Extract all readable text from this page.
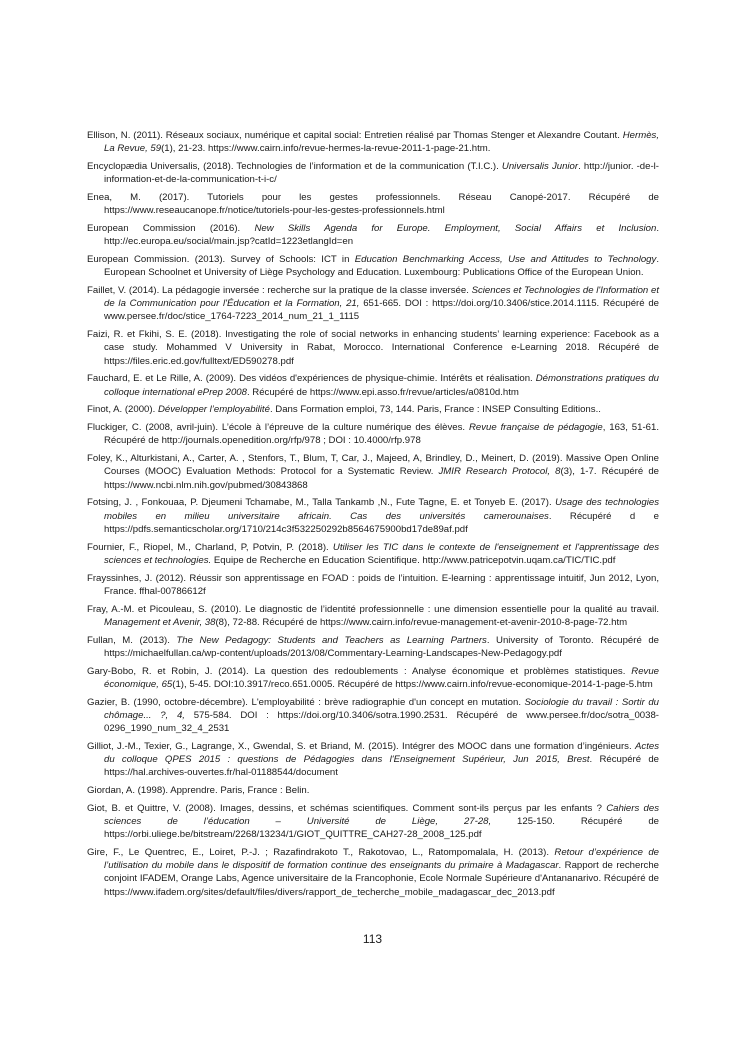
Ellison, N. (2011). Réseaux sociaux, numérique et capital social: Entretien réalisé par Thomas Stenger et Alexandre Coutant. Hermès, La Revue, 59(1), 21-23. https://www.cairn.info/revue-hermes-la-revue-2011-1-page-21.htm.

Encyclopædia Universalis, (2018). Technologies de l’information et de la communication (T.I.C.). Universalis Junior. http://junior. -de-l-information-et-de-la-communication-t-i-c/

Enea, M. (2017). Tutoriels pour les gestes professionnels. Réseau Canopé-2017. Récupéré de https://www.reseaucanope.fr/notice/tutoriels-pour-les-gestes-professionnels.html

European Commission (2016). New Skills Agenda for Europe. Employment, Social Affairs et Inclusion. http://ec.europa.eu/social/main.jsp?catId=1223etlangId=en

European Commission. (2013). Survey of Schools: ICT in Education Benchmarking Access, Use and Attitudes to Technology. European Schoolnet et University of Liège Psychology and Education. Luxembourg: Publications Office of the European Union.

Faillet, V. (2014). La pédagogie inversée : recherche sur la pratique de la classe inversée. Sciences et Technologies de l'Information et de la Communication pour l'Éducation et la Formation, 21, 651-665. DOI : https://doi.org/10.3406/stice.2014.1115. Récupéré de www.persee.fr/doc/stice_1764-7223_2014_num_21_1_1115

Faizi, R. et Fkihi, S. E. (2018). Investigating the role of social networks in enhancing students’ learning experience: Facebook as a case study. Mohammed V University in Rabat, Morocco. International Conference e-Learning 2018. Récupéré de https://files.eric.ed.gov/fulltext/ED590278.pdf

Fauchard, E. et Le Rille, A. (2009). Des vidéos d'expériences de physique-chimie. Intérêts et réalisation. Démonstrations pratiques du colloque international ePrep 2008. Récupéré de https://www.epi.asso.fr/revue/articles/a0810d.htm

Finot, A. (2000). Développer l’employabilité. Dans Formation emploi, 73, 144. Paris, France : INSEP Consulting Editions..

Fluckiger, C. (2008, avril-juin). L’école à l’épreuve de la culture numérique des élèves. Revue française de pédagogie, 163, 51-61. Récupéré de http://journals.openedition.org/rfp/978 ; DOI : 10.4000/rfp.978

Foley, K., Alturkistani, A., Carter, A. , Stenfors, T., Blum, T, Car, J., Majeed, A, Brindley, D., Meinert, D. (2019). Massive Open Online Courses (MOOC) Evaluation Methods: Protocol for a Systematic Review. JMIR Research Protocol, 8(3), 1-7. Récupéré de https://www.ncbi.nlm.nih.gov/pubmed/30843868

Fotsing, J. , Fonkouaa, P. Djeumeni Tchamabe, M., Talla Tankamb ,N., Fute Tagne, E. et Tonyeb E. (2017). Usage des technologies mobiles en milieu universitaire africain. Cas des universités camerounaises. Récupéré d e https://pdfs.semanticscholar.org/1710/214c3f532250292b8564675900bd17de89af.pdf

Fournier, F., Riopel, M., Charland, P, Potvin, P. (2018). Utiliser les TIC dans le contexte de l'enseignement et l'apprentissage des sciences et technologies. Equipe de Recherche en Education Scientifique. http://www.patricepotvin.uqam.ca/TIC/TIC.pdf

Frayssinhes, J. (2012). Réussir son apprentissage en FOAD : poids de l’intuition. E-learning : apprentissage intuitif, Jun 2012, Lyon, France. ffhal-00786612f

Fray, A.-M. et Picouleau, S. (2010). Le diagnostic de l’identité professionnelle : une dimension essentielle pour la qualité au travail. Management et Avenir, 38(8), 72-88. Récupéré de https://www.cairn.info/revue-management-et-avenir-2010-8-page-72.htm

Fullan, M. (2013). The New Pedagogy: Students and Teachers as Learning Partners. University of Toronto. Récupéré de https://michaelfullan.ca/wp-content/uploads/2013/08/Commentary-Learning-Landscapes-New-Pedagogy.pdf

Gary-Bobo, R. et Robin, J. (2014). La question des redoublements : Analyse économique et problèmes statistiques. Revue économique, 65(1), 5-45. DOI:10.3917/reco.651.0005. Récupéré de https://www.cairn.info/revue-economique-2014-1-page-5.htm

Gazier, B. (1990, octobre-décembre). L'employabilité : brève radiographie d'un concept en mutation. Sociologie du travail : Sortir du chômage... ?, 4, 575-584. DOI : https://doi.org/10.3406/sotra.1990.2531. Récupéré de www.persee.fr/doc/sotra_0038-0296_1990_num_32_4_2531

Gilliot, J.-M., Texier, G., Lagrange, X., Gwendal, S. et Briand, M. (2015). Intégrer des MOOC dans une formation d’ingénieurs. Actes du colloque QPES 2015 : questions de Pédagogies dans l'Enseignement Supérieur, Jun 2015, Brest. Récupéré de https://hal.archives-ouvertes.fr/hal-01188544/document

Giordan, A. (1998). Apprendre. Paris, France : Belin.

Giot, B. et Quittre, V. (2008). Images, dessins, et schémas scientifiques. Comment sont-ils perçus par les enfants ? Cahiers des sciences de l’éducation – Université de Liège, 27-28, 125-150. Récupéré de https://orbi.uliege.be/bitstream/2268/13234/1/GIOT_QUITTRE_CAH27-28_2008_125.pdf

Gire, F., Le Quentrec, E., Loiret, P.-J. ; Razafindrakoto T., Rakotovao, L., Ratompomalala, H. (2013). Retour d’expérience de l’utilisation du mobile dans le dispositif de formation continue des enseignants du primaire à Madagascar. Rapport de recherche conjoint IFADEM, Orange Labs, Agence universitaire de la Francophonie, Ecole Normale Supérieure d'Antananarivo. Récupéré de https://www.ifadem.org/sites/default/files/divers/rapport_de_techerche_mobile_madagascar_dec_2013.pdf

113
